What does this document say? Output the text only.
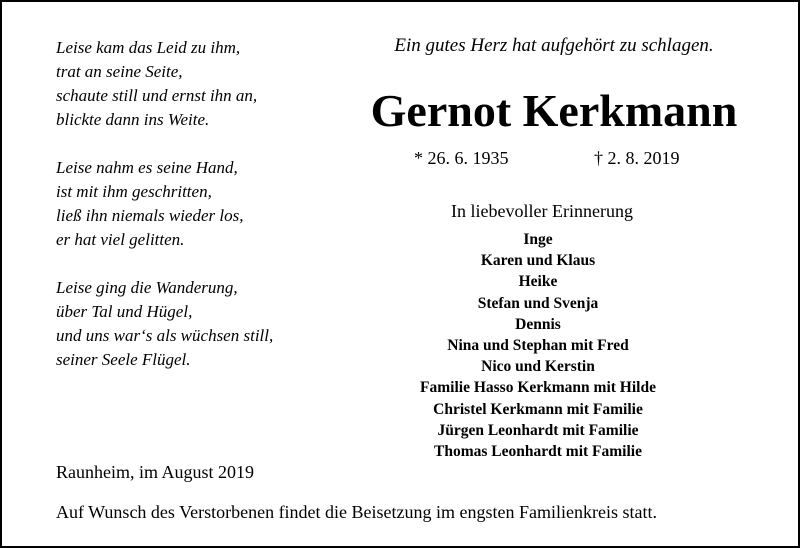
Leise kam das Leid zu ihm,
trat an seine Seite,
schaute still und ernst ihn an,
blickte dann ins Weite.
Leise nahm es seine Hand,
ist mit ihm geschritten,
ließ ihn niemals wieder los,
er hat viel gelitten.
Leise ging die Wanderung,
über Tal und Hügel,
und uns war‘s als wüchsen still,
seiner Seele Flügel.
Ein gutes Herz hat aufgehört zu schlagen.
Gernot Kerkmann
* 26. 6. 1935	† 2. 8. 2019
In liebevoller Erinnerung
Inge
Karen und Klaus
Heike
Stefan und Svenja
Dennis
Nina und Stephan mit Fred
Nico und Kerstin
Familie Hasso Kerkmann mit Hilde
Christel Kerkmann mit Familie
Jürgen Leonhardt mit Familie
Thomas Leonhardt mit Familie
Raunheim, im August 2019
Auf Wunsch des Verstorbenen findet die Beisetzung im engsten Familienkreis statt.
